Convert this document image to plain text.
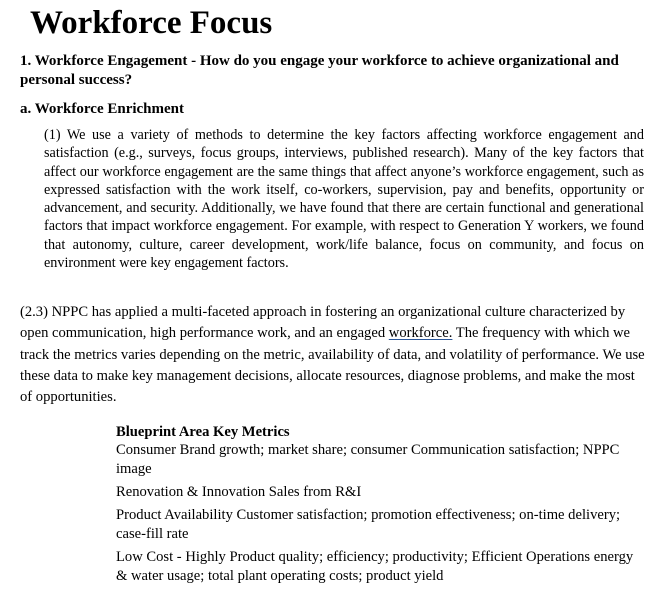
Workforce Focus

1. Workforce Engagement - How do you engage your workforce to achieve organizational and personal success?

a. Workforce Enrichment

(1) We use a variety of methods to determine the key factors affecting workforce engagement and satisfaction (e.g., surveys, focus groups, interviews, published research). Many of the key factors that affect our workforce engagement are the same things that affect anyone’s workforce engagement, such as expressed satisfaction with the work itself, co-workers, supervision, pay and benefits, opportunity or advancement, and security. Additionally, we have found that there are certain functional and generational factors that impact workforce engagement. For example, with respect to Generation Y workers, we found that autonomy, culture, career development, work/life balance, focus on community, and focus on environment were key engagement factors.

(2.3) NPPC has applied a multi-faceted approach in fostering an organizational culture characterized by open communication, high performance work, and an engaged workforce. The frequency with which we track the metrics varies depending on the metric, availability of data, and volatility of performance. We use these data to make key management decisions, allocate resources, diagnose problems, and make the most of opportunities.

Blueprint Area Key Metrics

Consumer Brand growth; market share; consumer Communication satisfaction; NPPC image

Renovation & Innovation Sales from R&I

Product Availability Customer satisfaction; promotion effectiveness; on-time delivery; case-fill rate

Low Cost - Highly Product quality; efficiency; productivity; Efficient Operations energy & water usage; total plant operating costs; product yield
